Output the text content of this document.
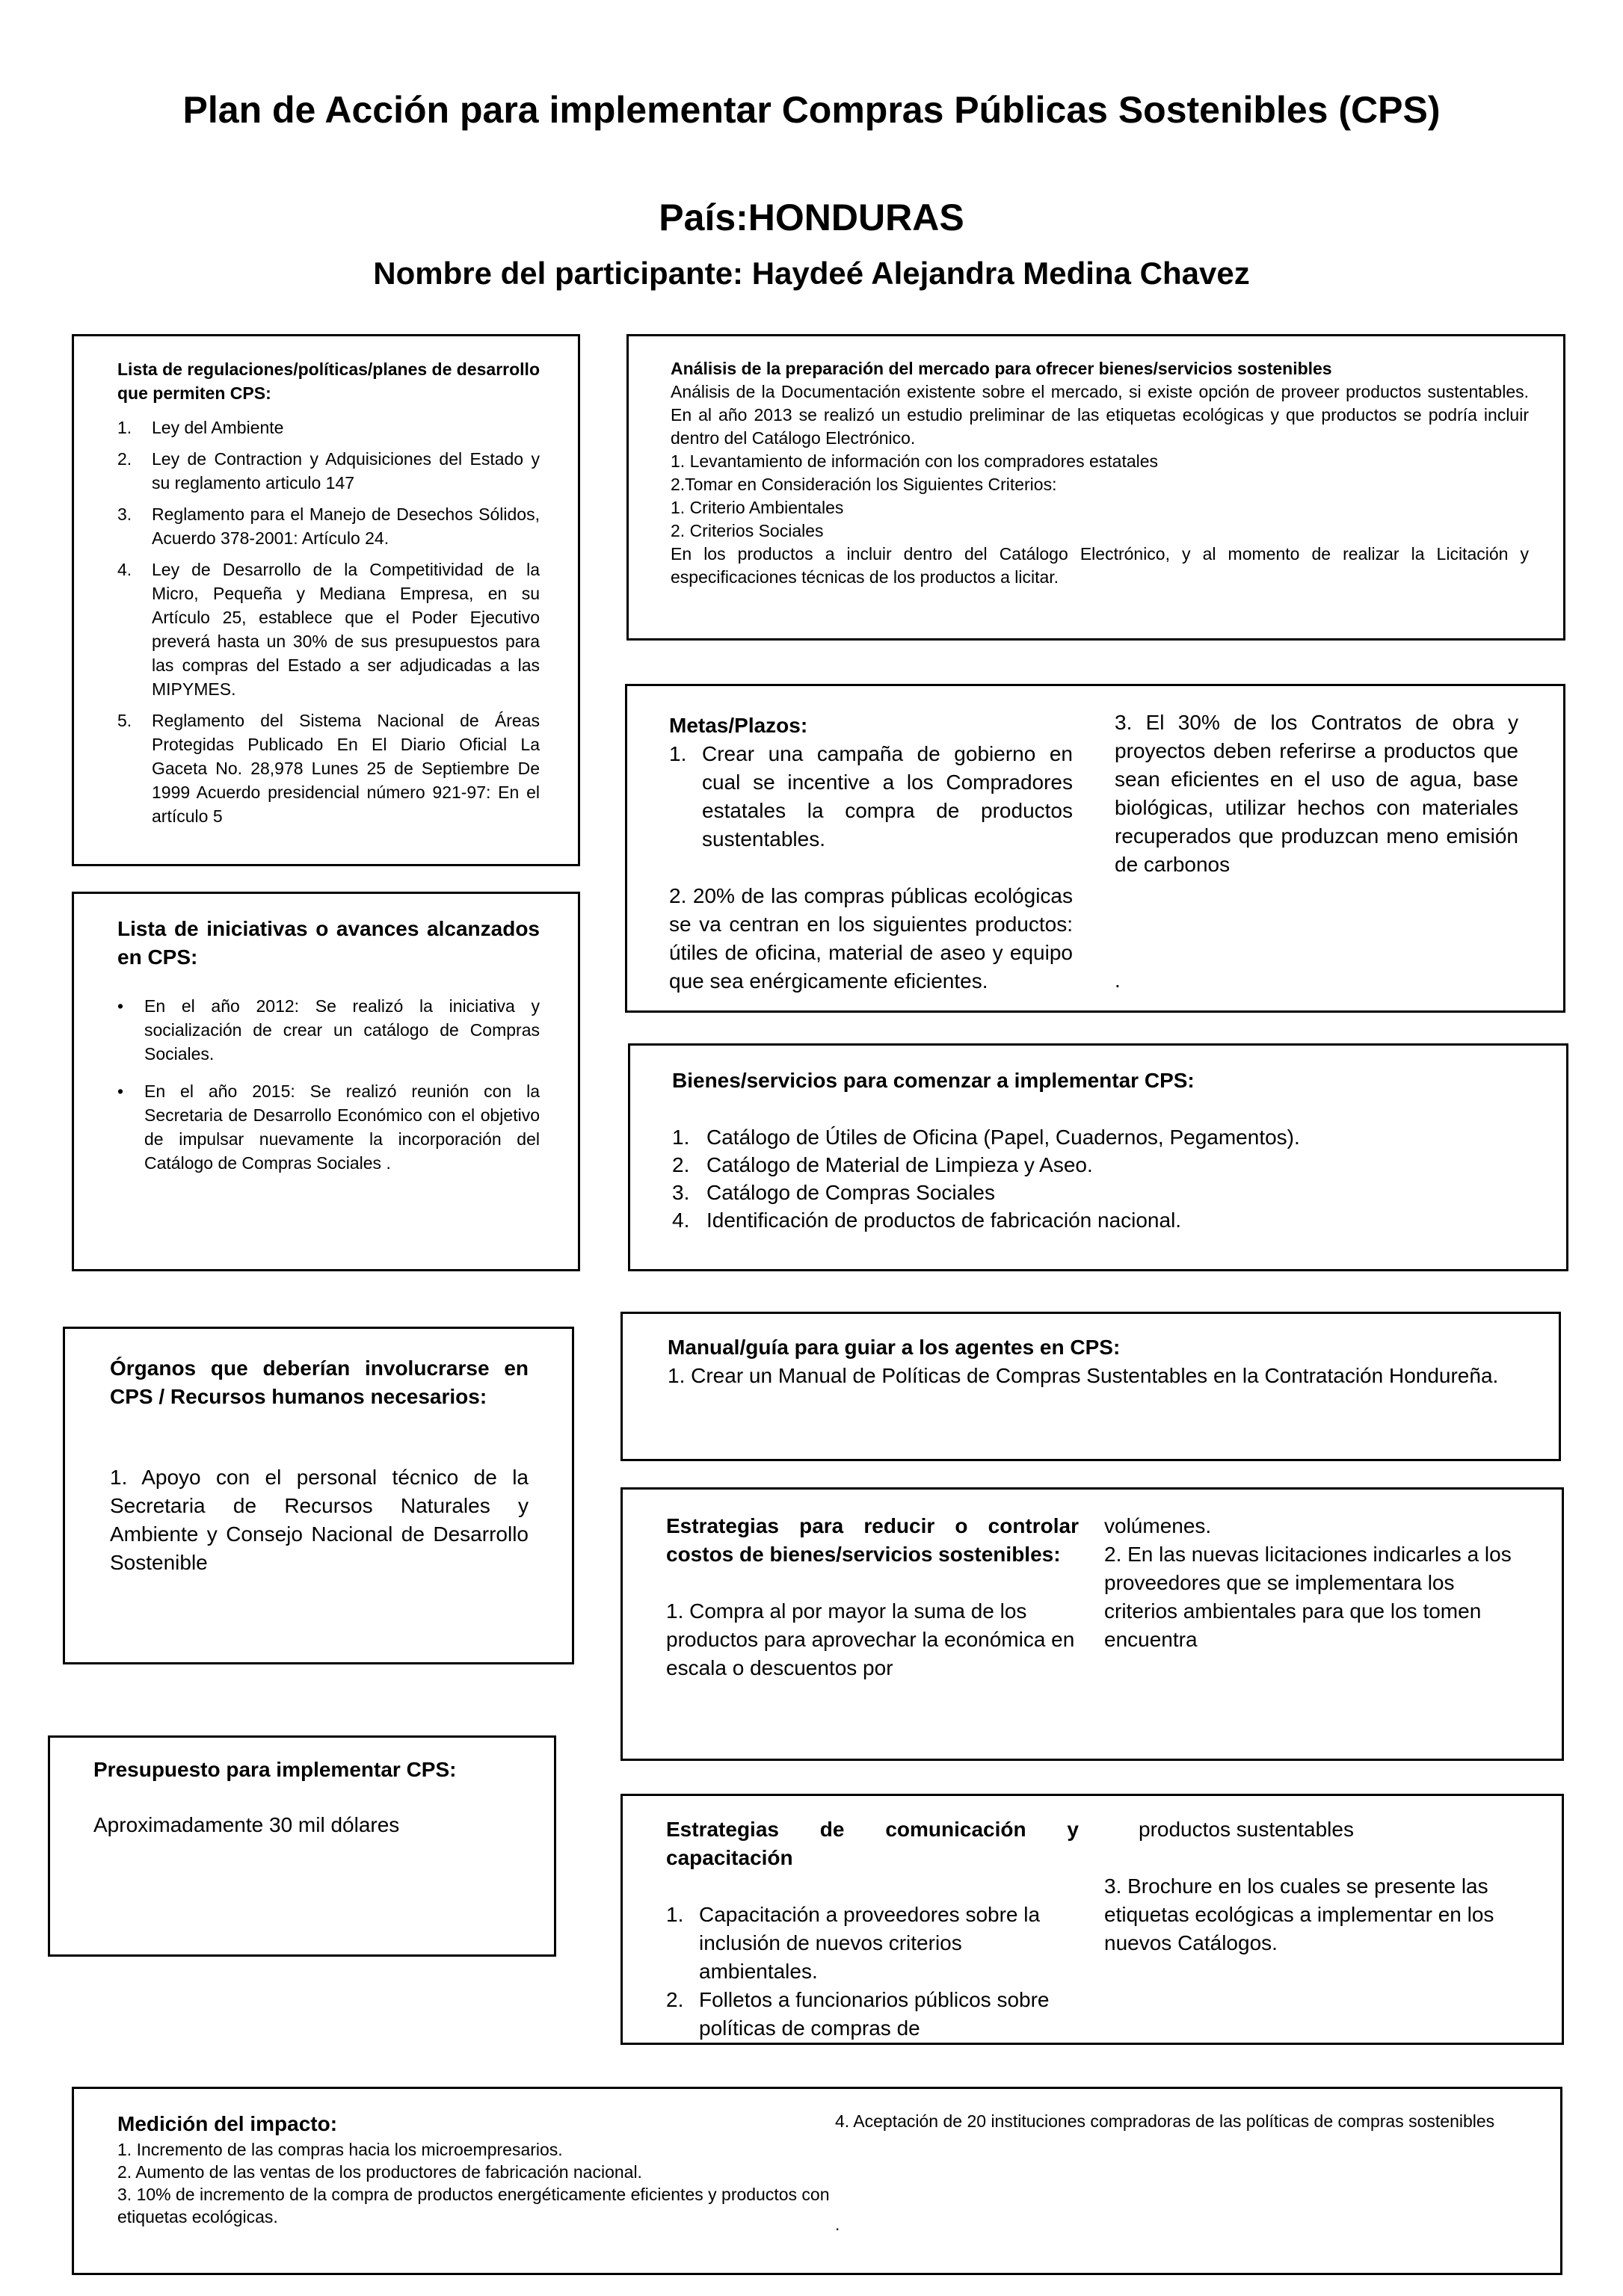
Plan de Acción para implementar Compras Públicas Sostenibles (CPS)
País:HONDURAS
Nombre del participante: Haydeé Alejandra Medina Chavez
Lista de regulaciones/políticas/planes de desarrollo que permiten CPS:
1.	Ley del Ambiente
2.	Ley de Contraction y Adquisiciones del Estado y su reglamento articulo 147
3.	Reglamento para el Manejo de Desechos Sólidos, Acuerdo 378-2001: Artículo 24.
4.	Ley de Desarrollo de la Competitividad de la Micro, Pequeña y Mediana Empresa, en su Artículo 25, establece que el Poder Ejecutivo preverá hasta un 30% de sus presupuestos para las compras del Estado a ser adjudicadas a las MIPYMES.
5.	Reglamento del Sistema Nacional de Áreas Protegidas Publicado En El Diario Oficial La Gaceta No. 28,978 Lunes 25 de Septiembre De 1999 Acuerdo presidencial número 921-97: En el artículo 5
Análisis de la preparación del mercado para ofrecer bienes/servicios sostenibles
Análisis de la Documentación existente sobre el mercado, si existe opción de proveer productos sustentables. En al año 2013 se realizó un estudio preliminar de las etiquetas ecológicas y que productos se podría incluir dentro del Catálogo Electrónico.
1. Levantamiento de información con los compradores estatales
2.Tomar en Consideración los Siguientes Criterios:
1. Criterio Ambientales
2. Criterios Sociales
En los productos a incluir dentro del Catálogo Electrónico, y al momento de realizar la Licitación y especificaciones técnicas de los productos a licitar.
Lista de iniciativas o avances alcanzados en CPS:
•	En el año 2012: Se realizó la iniciativa y socialización de crear un catálogo de Compras Sociales.
•	En el año 2015: Se realizó reunión con la Secretaria de Desarrollo Económico con el objetivo de impulsar nuevamente la incorporación del Catálogo de Compras Sociales .
Metas/Plazos:
1. Crear una campaña de gobierno en cual se incentive a los Compradores estatales la compra de productos sustentables.
2. 20% de las compras públicas ecológicas se va centran en los siguientes productos: útiles de oficina, material de aseo y equipo que sea enérgicamente eficientes.
3. El 30% de los Contratos de obra y proyectos deben referirse a productos que sean eficientes en el uso de agua, base biológicas, utilizar hechos con materiales recuperados que produzcan meno emisión de carbonos
.
Bienes/servicios para comenzar a implementar CPS:
1. Catálogo de Útiles de Oficina (Papel, Cuadernos, Pegamentos).
2. Catálogo de Material de Limpieza y Aseo.
3. Catálogo de Compras Sociales
4. Identificación de productos de fabricación nacional.
Órganos que deberían involucrarse en CPS / Recursos humanos necesarios:
1. Apoyo con el personal técnico de la Secretaria de Recursos Naturales y Ambiente y Consejo Nacional de Desarrollo Sostenible
Manual/guía para guiar a los agentes en CPS:
1. Crear un Manual de Políticas de Compras Sustentables en la Contratación Hondureña.
Estrategias para reducir o controlar costos de bienes/servicios sostenibles:
1. Compra al por mayor la suma de los productos para aprovechar la económica en escala o descuentos por
volúmenes.
2. En las nuevas licitaciones indicarles a los proveedores que se implementara los criterios ambientales para que los tomen encuentra
Presupuesto para implementar CPS:
Aproximadamente 30 mil dólares	Estrategias de comunicación y capacitación
1. Capacitación a proveedores sobre la inclusión de nuevos criterios ambientales.
2. Folletos a funcionarios públicos sobre políticas de compras de
productos sustentables
3. Brochure en los cuales se presente las etiquetas ecológicas a implementar en los nuevos Catálogos.
Medición del impacto:
1. Incremento de las compras hacia los microempresarios.
2. Aumento de las ventas de los productores de fabricación nacional.
3. 10% de incremento de la compra de productos energéticamente eficientes y productos con etiquetas ecológicas.
4. Aceptación de 20 instituciones compradoras de las políticas de compras sostenibles
.
